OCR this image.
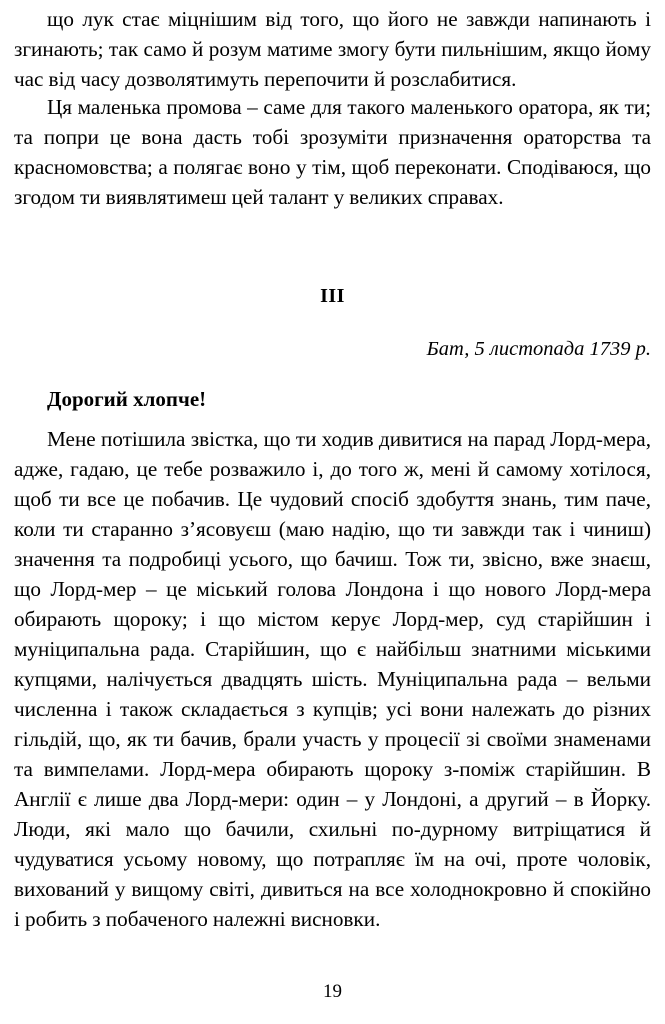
що лук стає міцнішим від того, що його не завжди напинають і згинають; так само й розум матиме змогу бути пильнішим, якщо йому час від часу дозволятимуть перепочити й розслабитися.

Ця маленька промова – саме для такого маленького оратора, як ти; та попри це вона дасть тобі зрозуміти призначення ораторства та красномовства; а полягає воно у тім, щоб переконати. Сподіваюся, що згодом ти виявлятимеш цей талант у великих справах.

III
Бат, 5 листопада 1739 р.
Дорогий хлопче!

Мене потішила звістка, що ти ходив дивитися на парад Лорд-мера, адже, гадаю, це тебе розважило і, до того ж, мені й самому хотілося, щоб ти все це побачив. Це чудовий спосіб здобуття знань, тим паче, коли ти старанно з’ясовуєш (маю надію, що ти завжди так і чиниш) значення та подробиці усього, що бачиш. Тож ти, звісно, вже знаєш, що Лорд-мер – це міський голова Лондона і що нового Лорд-мера обирають щороку; і що містом керує Лорд-мер, суд старійшин і муніципальна рада. Старійшин, що є найбільш знатними міськими купцями, налічується двадцять шість. Муніципальна рада – вельми численна і також складається з купців; усі вони належать до різних гільдій, що, як ти бачив, брали участь у процесії зі своїми знаменами та вимпелами. Лорд-мера обирають щороку з-поміж старійшин. В Англії є лише два Лорд-мери: один – у Лондоні, а другий – в Йорку. Люди, які мало що бачили, схильні по-дурному витріщатися й чудуватися усьому новому, що потрапляє їм на очі, проте чоловік, вихований у вищому світі, дивиться на все холоднокровно й спокійно і робить з побаченого належні висновки.

19
